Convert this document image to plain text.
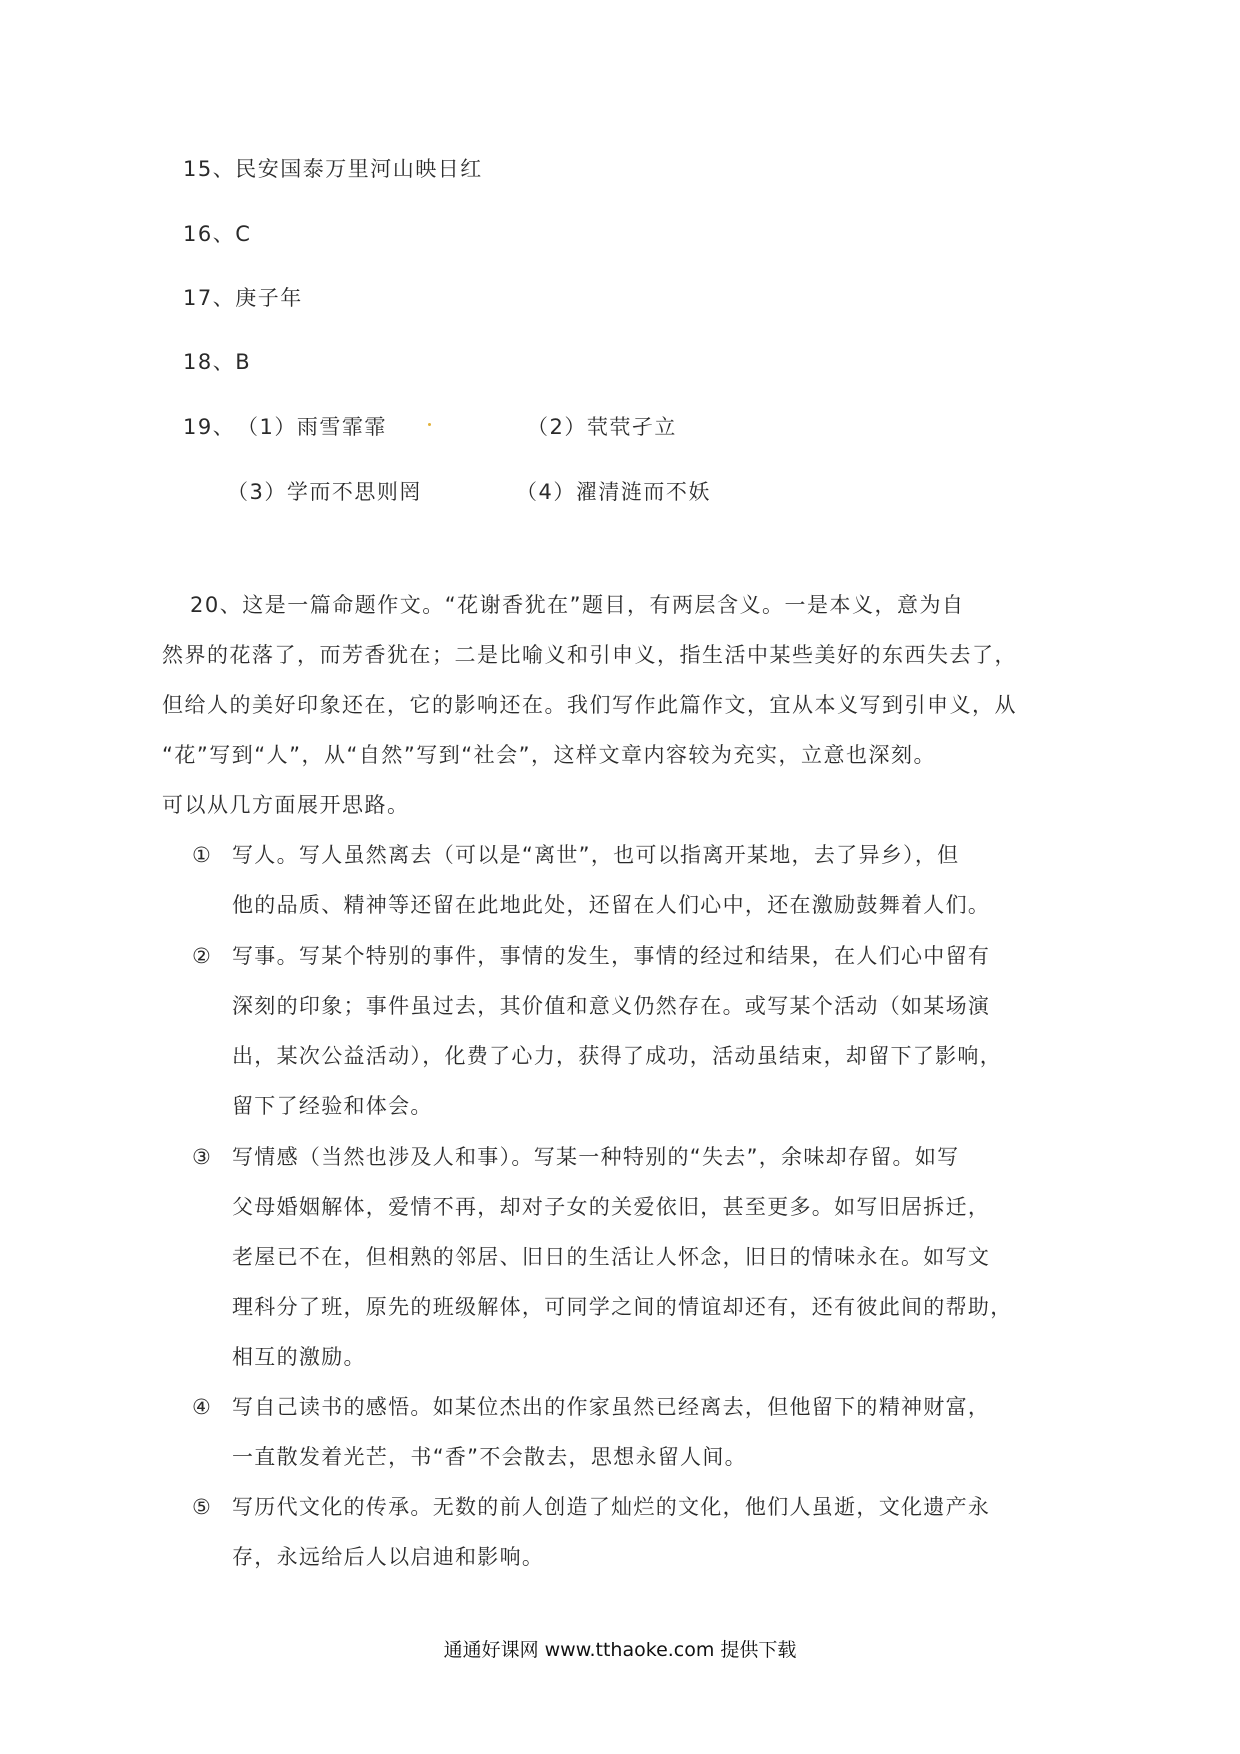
15、民安国泰万里河山映日红
16、C
17、庚子年
18、B
19、 （1）雨雪霏霏	（2）茕茕孑立
（3）学而不思则罔	（4）濯清涟而不妖
20、这是一篇命题作文。“花谢香犹在”题目，有两层含义。一是本义，意为自
然界的花落了，而芳香犹在；二是比喻义和引申义，指生活中某些美好的东西失去了，
但给人的美好印象还在，它的影响还在。我们写作此篇作文，宜从本义写到引申义，从
“花”写到“人”，从“自然”写到“社会”，这样文章内容较为充实，立意也深刻。
可以从几方面展开思路。
① 写人。写人虽然离去（可以是“离世”，也可以指离开某地，去了异乡），但
他的品质、精神等还留在此地此处，还留在人们心中，还在激励鼓舞着人们。
② 写事。写某个特别的事件，事情的发生，事情的经过和结果，在人们心中留有
深刻的印象；事件虽过去，其价值和意义仍然存在。或写某个活动（如某场演
出，某次公益活动），化费了心力，获得了成功，活动虽结束，却留下了影响，
留下了经验和体会。
③ 写情感（当然也涉及人和事）。写某一种特别的“失去”，余味却存留。如写
父母婚姻解体，爱情不再，却对子女的关爱依旧，甚至更多。如写旧居拆迁，
老屋已不在，但相熟的邻居、旧日的生活让人怀念，旧日的情味永在。如写文
理科分了班，原先的班级解体，可同学之间的情谊却还有，还有彼此间的帮助，
相互的激励。
④ 写自己读书的感悟。如某位杰出的作家虽然已经离去，但他留下的精神财富，
一直散发着光芒，书“香”不会散去，思想永留人间。
⑤ 写历代文化的传承。无数的前人创造了灿烂的文化，他们人虽逝，文化遗产永
存，永远给后人以启迪和影响。
通通好课网 www.tthaoke.com 提供下载
